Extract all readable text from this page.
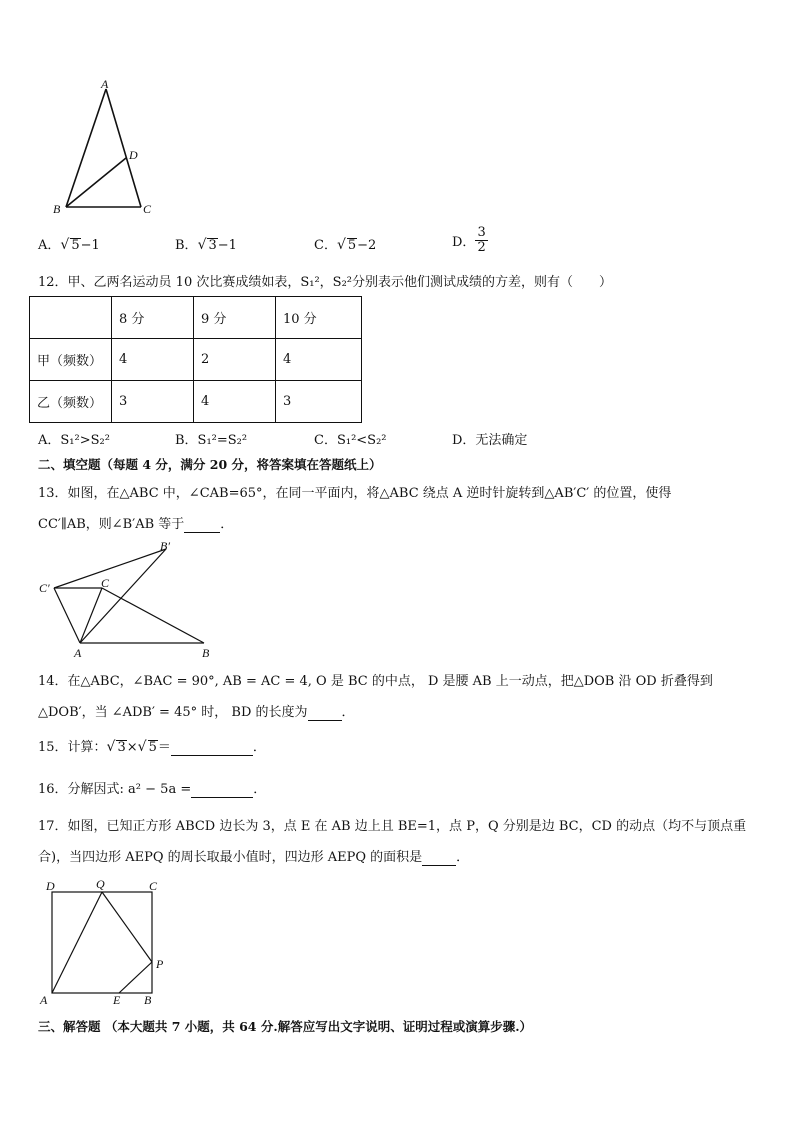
A
D
B	C
A．√ 5−1	B．√ 3−1	C．√ 5−2	D． $\frac{3}{2}$
12．甲、乙两名运动员 10 次比赛成绩如表，S₁²，S₂²分别表示他们测试成绩的方差，则有（　　）
	8 分	9 分	10 分
甲（频数）	4	2	4
乙（频数）	3	4	3
A．S₁²>S₂²	B．S₁²=S₂²	C．S₁²<S₂²	D．无法确定
二、填空题（每题 4 分，满分 20 分，将答案填在答题纸上）
13．如图，在△ABC 中，∠CAB=65°，在同一平面内，将△ABC 绕点 A 逆时针旋转到△AB′C′ 的位置，使得
CC′∥AB，则∠B′AB 等于	．
B′
C′	C
A	B
14．在△ABC，∠BAC = 90°, AB = AC = 4, O 是 BC 的中点， D 是腰 AB 上一动点，把△DOB 沿 OD 折叠得到
△DOB′，当 ∠ADB′ = 45° 时， BD 的长度为	．
15．计算：√ 3×√ 5＝	．
16．分解因式: a² − 5a =	．
17．如图，已知正方形 ABCD 边长为 3，点 E 在 AB 边上且 BE=1，点 P，Q 分别是边 BC，CD 的动点（均不与顶点重
合)，当四边形 AEPQ 的周长取最小值时，四边形 AEPQ 的面积是	．
D	Q	C
P
A	E B
三、解答题 （本大题共 7 小题，共 64 分.解答应写出文字说明、证明过程或演算步骤.）
